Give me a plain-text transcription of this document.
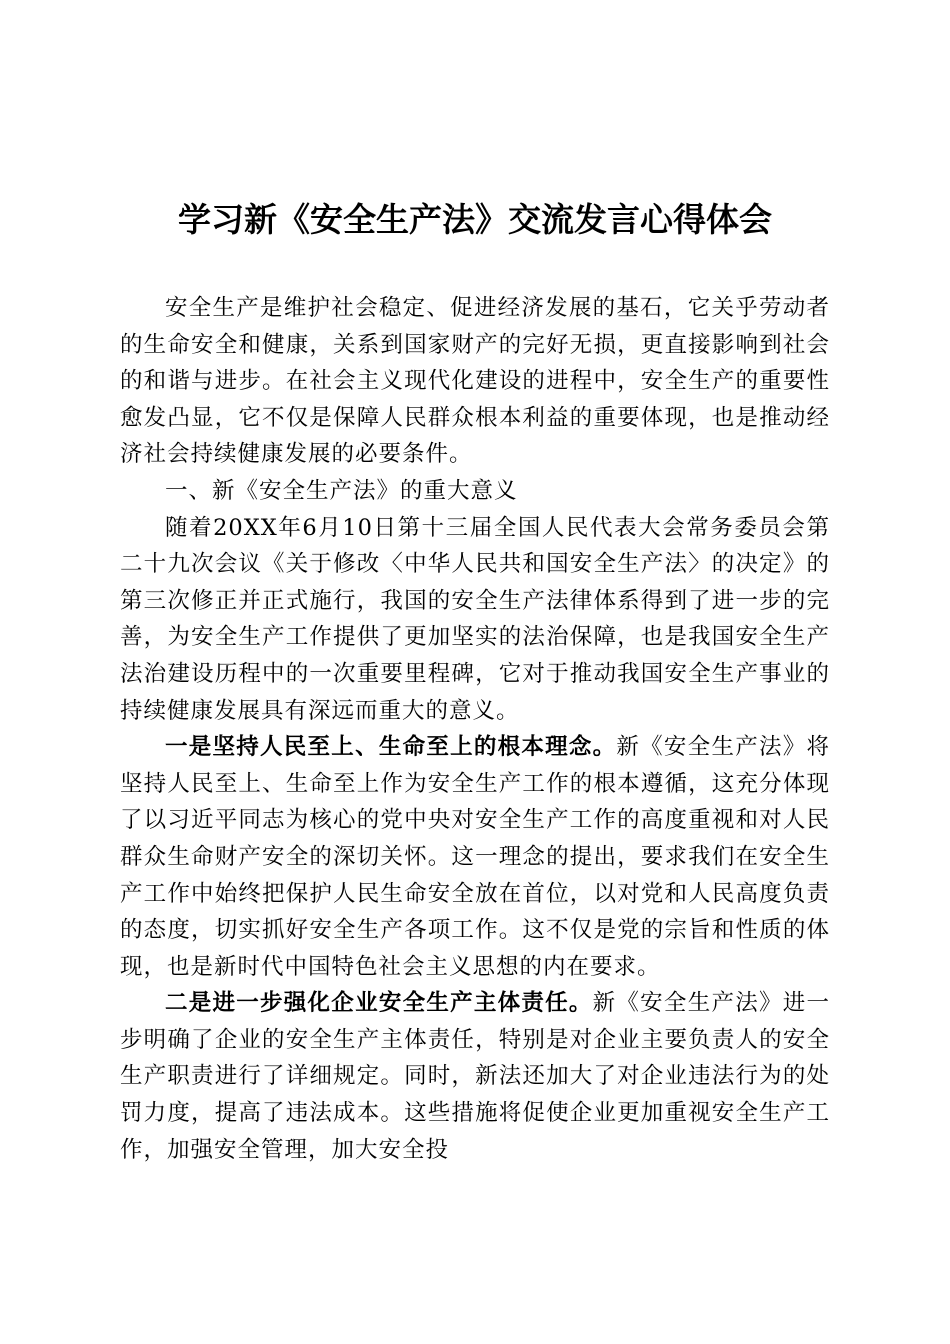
学习新《安全生产法》交流发言心得体会

安全生产是维护社会稳定、促进经济发展的基石，它关乎劳动者的生命安全和健康，关系到国家财产的完好无损，更直接影响到社会的和谐与进步。在社会主义现代化建设的进程中，安全生产的重要性愈发凸显，它不仅是保障人民群众根本利益的重要体现，也是推动经济社会持续健康发展的必要条件。

一、新《安全生产法》的重大意义

随着20XX年6月10日第十三届全国人民代表大会常务委员会第二十九次会议《关于修改〈中华人民共和国安全生产法〉的决定》的第三次修正并正式施行，我国的安全生产法律体系得到了进一步的完善，为安全生产工作提供了更加坚实的法治保障，也是我国安全生产法治建设历程中的一次重要里程碑，它对于推动我国安全生产事业的持续健康发展具有深远而重大的意义。

一是坚持人民至上、生命至上的根本理念。新《安全生产法》将坚持人民至上、生命至上作为安全生产工作的根本遵循，这充分体现了以习近平同志为核心的党中央对安全生产工作的高度重视和对人民群众生命财产安全的深切关怀。这一理念的提出，要求我们在安全生产工作中始终把保护人民生命安全放在首位，以对党和人民高度负责的态度，切实抓好安全生产各项工作。这不仅是党的宗旨和性质的体现，也是新时代中国特色社会主义思想的内在要求。

二是进一步强化企业安全生产主体责任。新《安全生产法》进一步明确了企业的安全生产主体责任，特别是对企业主要负责人的安全生产职责进行了详细规定。同时，新法还加大了对企业违法行为的处罚力度，提高了违法成本。这些措施将促使企业更加重视安全生产工作，加强安全管理，加大安全投
